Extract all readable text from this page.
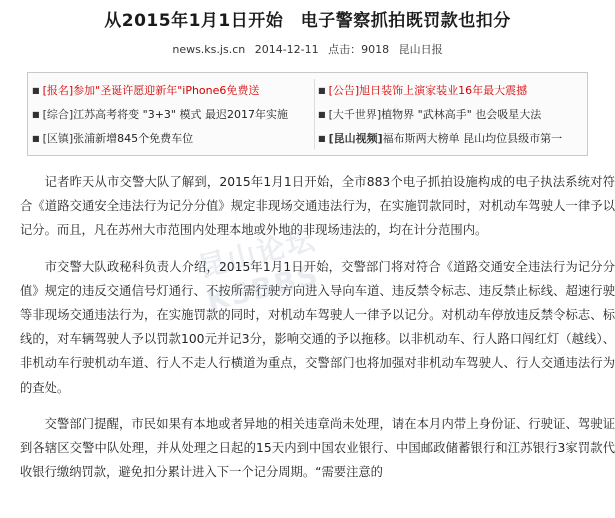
从2015年1月1日开始　电子警察抓拍既罚款也扣分
news.ks.js.cn 2014-12-11 点击：9018 昆山日报
■ [报名]参加"圣诞许愿迎新年"iPhone6免费送
■ [综合]江苏高考将变 "3+3" 模式 最迟2017年实施
■ [区镇]张浦新增845个免费车位
■ [公告]旭日装饰上演家装业16年最大震撼
■ [大千世界]植物界 "武林高手" 也会吸星大法
■ [昆山视频]福布斯两大榜单 昆山均位县级市第一

记者昨天从市交警大队了解到，2015年1月1日开始，全市883个电子抓拍设施构成的电子执法系统对符合《道路交通安全违法行为记分分值》规定非现场交通违法行为，在实施罚款同时，对机动车驾驶人一律予以记分。而且，凡在苏州大市范围内处理本地或外地的非现场违法的，均在计分范围内。

市交警大队政秘科负责人介绍，2015年1月1日开始，交警部门将对符合《道路交通安全违法行为记分分值》规定的违反交通信号灯通行、不按所需行驶方向进入导向车道、违反禁令标志、违反禁止标线、超速行驶等非现场交通违法行为，在实施罚款的同时，对机动车驾驶人一律予以记分。对机动车停放违反禁令标志、标线的，对车辆驾驶人予以罚款100元并记3分，影响交通的予以拖移。以非机动车、行人路口闯红灯（越线）、非机动车行驶机动车道、行人不走人行横道为重点，交警部门也将加强对非机动车驾驶人、行人交通违法行为的查处。

交警部门提醒，市民如果有本地或者异地的相关违章尚未处理，请在本月内带上身份证、行驶证、驾驶证到各辖区交警中队处理，并从处理之日起的15天内到中国农业银行、中国邮政储蓄银行和江苏银行3家罚款代收银行缴纳罚款，避免扣分累计进入下一个记分周期。“需要注意的

昆山论坛 KSBBS
